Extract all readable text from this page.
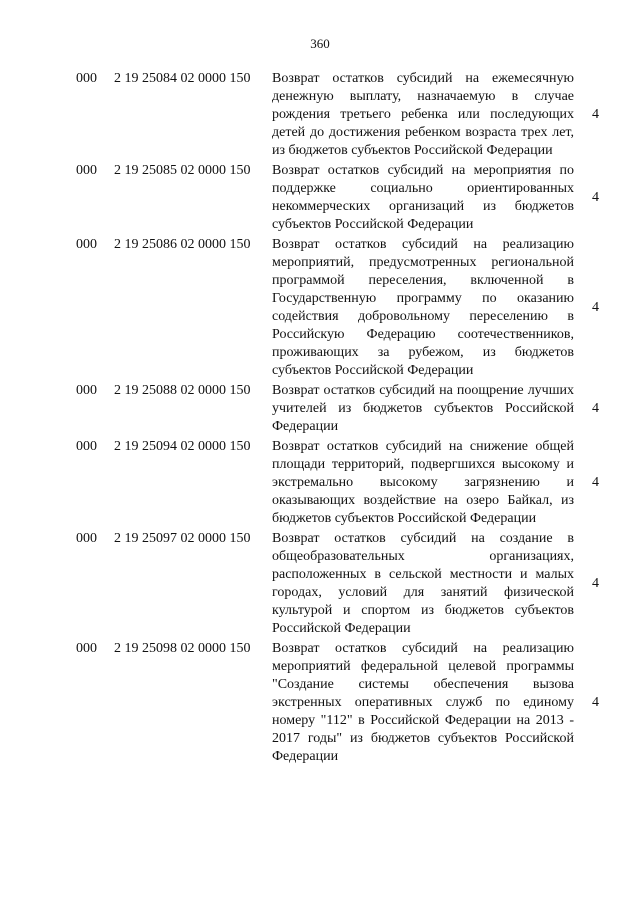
360
000 2 19 25084 02 0000 150 Возврат остатков субсидий на ежемесячную денежную выплату, назначаемую в случае рождения третьего ребенка или последующих детей до достижения ребенком возраста трех лет, из бюджетов субъектов Российской Федерации
4
000 2 19 25085 02 0000 150 Возврат остатков субсидий на мероприятия по поддержке социально ориентированных некоммерческих организаций из бюджетов субъектов Российской Федерации
4
000 2 19 25086 02 0000 150 Возврат остатков субсидий на реализацию мероприятий, предусмотренных региональной программой переселения, включенной в Государственную программу по оказанию содействия добровольному переселению в Российскую Федерацию соотечественников, проживающих за рубежом, из бюджетов субъектов Российской Федерации
4
000 2 19 25088 02 0000 150 Возврат остатков субсидий на поощрение лучших учителей из бюджетов субъектов Российской Федерации
4
000 2 19 25094 02 0000 150 Возврат остатков субсидий на снижение общей площади территорий, подвергшихся высокому и экстремально высокому загрязнению и оказывающих воздействие на озеро Байкал, из бюджетов субъектов Российской Федерации
4
000 2 19 25097 02 0000 150 Возврат остатков субсидий на создание в общеобразовательных организациях, расположенных в сельской местности и малых городах, условий для занятий физической культурой и спортом из бюджетов субъектов Российской Федерации
4
000 2 19 25098 02 0000 150 Возврат остатков субсидий на реализацию мероприятий федеральной целевой программы "Создание системы обеспечения вызова экстренных оперативных служб по единому номеру "112" в Российской Федерации на 2013 - 2017 годы" из бюджетов субъектов Российской Федерации
4
